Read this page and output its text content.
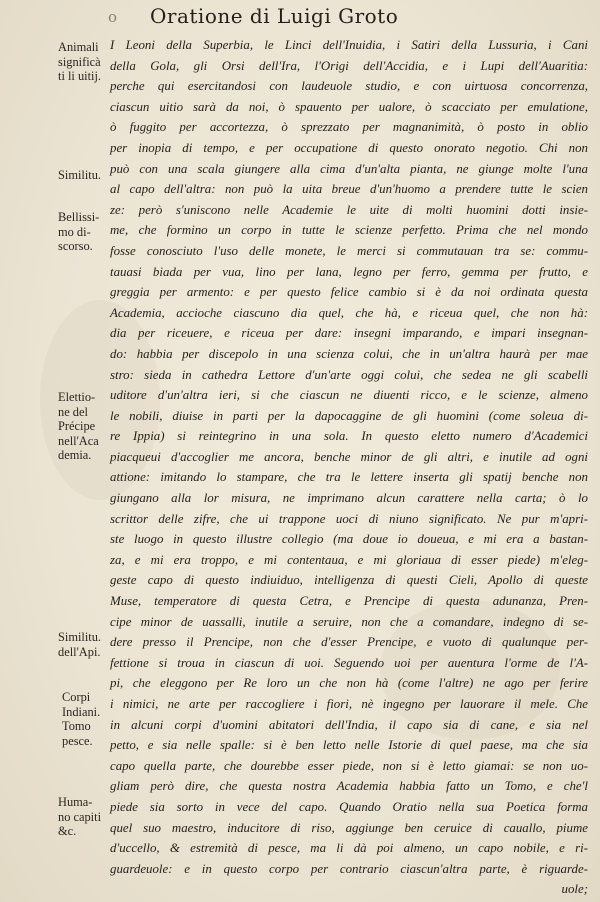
o	Oratione di Luigi Groto
Animali
significà
ti li uitij.
Similitu.
Bellissi-
mo di-
scorso.
Elettio-
ne del
Précipe
nell'Aca
demia.
Similitu.
dell'Api.
Corpi
Indiani.
Tomo
pesce.
Huma-
no capiti
&c.
I Leoni della Superbia, le Linci dell'Inuidia, i Satiri della Lussuria, i Cani
della Gola, gli Orsi dell'Ira, l'Origi dell'Accidia, e i Lupi dell'Auaritia:
perche qui esercitandosi con laudeuole studio, e con uirtuosa concorrenza,
ciascun uitio sarà da noi, ò spauento per ualore, ò scacciato per emulatione,
ò fuggito per accortezza, ò sprezzato per magnanimità, ò posto in oblio
per inopia di tempo, e per occupatione di questo onorato negotio. Chi non
può con una scala giungere alla cima d'un'alta pianta, ne giunge molte l'una
al capo dell'altra: non può la uita breue d'un'huomo a prendere tutte le scien
ze: però s'uniscono nelle Academie le uite di molti huomini dotti insie-
me, che formino un corpo in tutte le scienze perfetto. Prima che nel mondo
fosse conosciuto l'uso delle monete, le merci si commutauan tra se: commu-
tauasi biada per vua, lino per lana, legno per ferro, gemma per frutto, e
greggia per armento: e per questo felice cambio si è da noi ordinata questa
Academia, accioche ciascuno dia quel, che hà, e riceua quel, che non hà:
dia per riceuere, e riceua per dare: insegni imparando, e impari insegnan-
do: habbia per discepolo in una scienza colui, che in un'altra haurà per mae
stro: sieda in cathedra Lettore d'un'arte oggi colui, che sedea ne gli scabelli
uditore d'un'altra ieri, si che ciascun ne diuenti ricco, e le scienze, almeno
le nobili, diuise in parti per la dapocaggine de gli huomini (come soleua di-
re Ippia) si reintegrino in una sola. In questo eletto numero d'Academici
piacqueui d'accoglier me ancora, benche minor de gli altri, e inutile ad ogni
attione: imitando lo stampare, che tra le lettere inserta gli spatij benche non
giungano alla lor misura, ne imprimano alcun carattere nella carta; ò lo
scrittor delle zifre, che ui trappone uoci di niuno significato. Ne pur m'apri-
ste luogo in questo illustre collegio (ma doue io doueua, e mi era a bastan-
za, e mi era troppo, e mi contentaua, e mi gloriaua di esser piede) m'eleg-
geste capo di questo indiuiduo, intelligenza di questi Cieli, Apollo di queste
Muse, temperatore di questa Cetra, e Prencipe di questa adunanza, Pren-
cipe minor de uassalli, inutile a seruire, non che a comandare, indegno di se-
dere presso il Prencipe, non che d'esser Prencipe, e vuoto di qualunque per-
fettione si troua in ciascun di uoi. Seguendo uoi per auentura l'orme de l'A-
pi, che eleggono per Re loro un che non hà (come l'altre) ne ago per ferire
i nimici, ne arte per raccogliere i fiori, nè ingegno per lauorare il mele. Che
in alcuni corpi d'uomini abitatori dell'India, il capo sia di cane, e sia nel
petto, e sia nelle spalle: si è ben letto nelle Istorie di quel paese, ma che sia
capo quella parte, che dourebbe esser piede, non si è letto giamai: se non uo-
gliam però dire, che questa nostra Academia habbia fatto un Tomo, e che'l
piede sia sorto in vece del capo. Quando Oratio nella sua Poetica forma
quel suo maestro, inducitore di riso, aggiunge ben ceruice di cauallo, piume
d'uccello, & estremità di pesce, ma li dà poi almeno, un capo nobile, e ri-
guardeuole: e in questo corpo per contrario ciascun'altra parte, è riguarde-
uole;
